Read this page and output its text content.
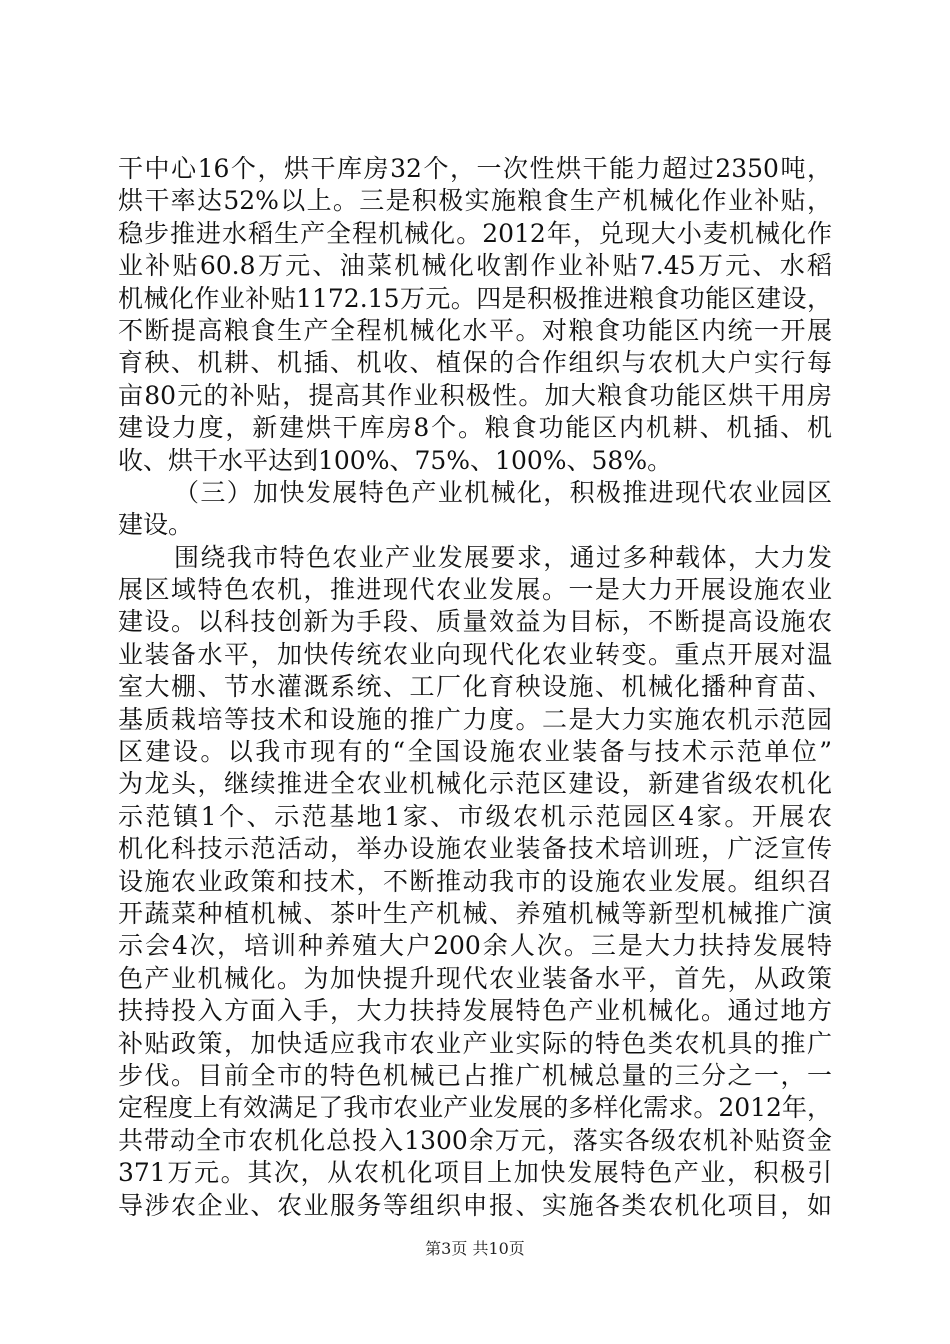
干中心16个，烘干库房32个，一次性烘干能力超过2350吨，
烘干率达52%以上。三是积极实施粮食生产机械化作业补贴，
稳步推进水稻生产全程机械化。2012年，兑现大小麦机械化作
业补贴60.8万元、油菜机械化收割作业补贴7.45万元、水稻
机械化作业补贴1172.15万元。四是积极推进粮食功能区建设，
不断提高粮食生产全程机械化水平。对粮食功能区内统一开展
育秧、机耕、机插、机收、植保的合作组织与农机大户实行每
亩80元的补贴，提高其作业积极性。加大粮食功能区烘干用房
建设力度，新建烘干库房8个。粮食功能区内机耕、机插、机
收、烘干水平达到100%、75%、100%、58%。
（三）加快发展特色产业机械化，积极推进现代农业园区
建设。
围绕我市特色农业产业发展要求，通过多种载体，大力发
展区域特色农机，推进现代农业发展。一是大力开展设施农业
建设。以科技创新为手段、质量效益为目标，不断提高设施农
业装备水平，加快传统农业向现代化农业转变。重点开展对温
室大棚、节水灌溉系统、工厂化育秧设施、机械化播种育苗、
基质栽培等技术和设施的推广力度。二是大力实施农机示范园
区建设。以我市现有的“全国设施农业装备与技术示范单位”
为龙头，继续推进全农业机械化示范区建设，新建省级农机化
示范镇1个、示范基地1家、市级农机示范园区4家。开展农
机化科技示范活动，举办设施农业装备技术培训班，广泛宣传
设施农业政策和技术，不断推动我市的设施农业发展。组织召
开蔬菜种植机械、茶叶生产机械、养殖机械等新型机械推广演
示会4次，培训种养殖大户200余人次。三是大力扶持发展特
色产业机械化。为加快提升现代农业装备水平，首先，从政策
扶持投入方面入手，大力扶持发展特色产业机械化。通过地方
补贴政策，加快适应我市农业产业实际的特色类农机具的推广
步伐。目前全市的特色机械已占推广机械总量的三分之一，一
定程度上有效满足了我市农业产业发展的多样化需求。2012年，
共带动全市农机化总投入1300余万元，落实各级农机补贴资金
371万元。其次，从农机化项目上加快发展特色产业，积极引
导涉农企业、农业服务等组织申报、实施各类农机化项目，如
第3页 共10页
